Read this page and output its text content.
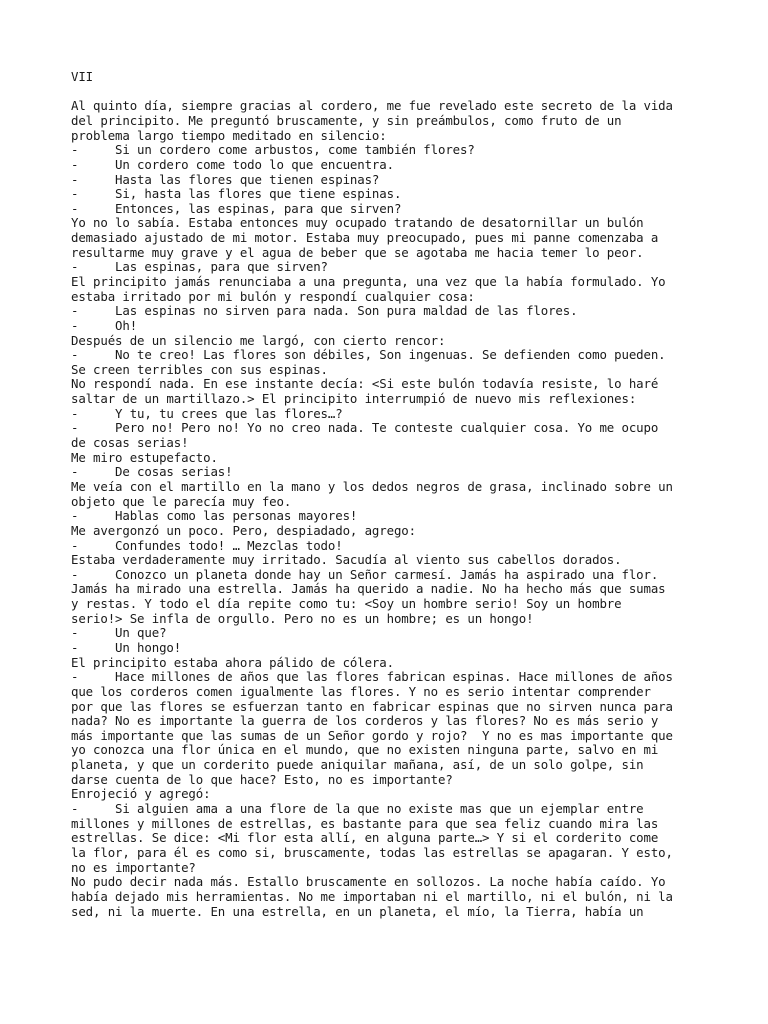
VII
Al quinto día, siempre gracias al cordero, me fue revelado este secreto de la vida
del principito. Me preguntó bruscamente, y sin preámbulos, como fruto de un
problema largo tiempo meditado en silencio:
-     Si un cordero come arbustos, come también flores?
-     Un cordero come todo lo que encuentra.
-     Hasta las flores que tienen espinas?
-     Si, hasta las flores que tiene espinas.
-     Entonces, las espinas, para que sirven?
Yo no lo sabía. Estaba entonces muy ocupado tratando de desatornillar un bulón
demasiado ajustado de mi motor. Estaba muy preocupado, pues mi panne comenzaba a
resultarme muy grave y el agua de beber que se agotaba me hacia temer lo peor.
-     Las espinas, para que sirven?
El principito jamás renunciaba a una pregunta, una vez que la había formulado. Yo
estaba irritado por mi bulón y respondí cualquier cosa:
-     Las espinas no sirven para nada. Son pura maldad de las flores.
-     Oh!
Después de un silencio me largó, con cierto rencor:
-     No te creo! Las flores son débiles, Son ingenuas. Se defienden como pueden.
Se creen terribles con sus espinas.
No respondí nada. En ese instante decía: <Si este bulón todavía resiste, lo haré
saltar de un martillazo.> El principito interrumpió de nuevo mis reflexiones:
-     Y tu, tu crees que las flores…?
-     Pero no! Pero no! Yo no creo nada. Te conteste cualquier cosa. Yo me ocupo
de cosas serias!
Me miro estupefacto.
-     De cosas serias!
Me veía con el martillo en la mano y los dedos negros de grasa, inclinado sobre un
objeto que le parecía muy feo.
-     Hablas como las personas mayores!
Me avergonzó un poco. Pero, despiadado, agrego:
-     Confundes todo! … Mezclas todo!
Estaba verdaderamente muy irritado. Sacudía al viento sus cabellos dorados.
-     Conozco un planeta donde hay un Señor carmesí. Jamás ha aspirado una flor.
Jamás ha mirado una estrella. Jamás ha querido a nadie. No ha hecho más que sumas
y restas. Y todo el día repite como tu: <Soy un hombre serio! Soy un hombre
serio!> Se infla de orgullo. Pero no es un hombre; es un hongo!
-     Un que?
-     Un hongo!
El principito estaba ahora pálido de cólera.
-     Hace millones de años que las flores fabrican espinas. Hace millones de años
que los corderos comen igualmente las flores. Y no es serio intentar comprender
por que las flores se esfuerzan tanto en fabricar espinas que no sirven nunca para
nada? No es importante la guerra de los corderos y las flores? No es más serio y
más importante que las sumas de un Señor gordo y rojo?  Y no es mas importante que
yo conozca una flor única en el mundo, que no existen ninguna parte, salvo en mi
planeta, y que un corderito puede aniquilar mañana, así, de un solo golpe, sin
darse cuenta de lo que hace? Esto, no es importante?
Enrojeció y agregó:
-     Si alguien ama a una flore de la que no existe mas que un ejemplar entre
millones y millones de estrellas, es bastante para que sea feliz cuando mira las
estrellas. Se dice: <Mi flor esta allí, en alguna parte…> Y si el corderito come
la flor, para él es como si, bruscamente, todas las estrellas se apagaran. Y esto,
no es importante?
No pudo decir nada más. Estallo bruscamente en sollozos. La noche había caído. Yo
había dejado mis herramientas. No me importaban ni el martillo, ni el bulón, ni la
sed, ni la muerte. En una estrella, en un planeta, el mío, la Tierra, había un
